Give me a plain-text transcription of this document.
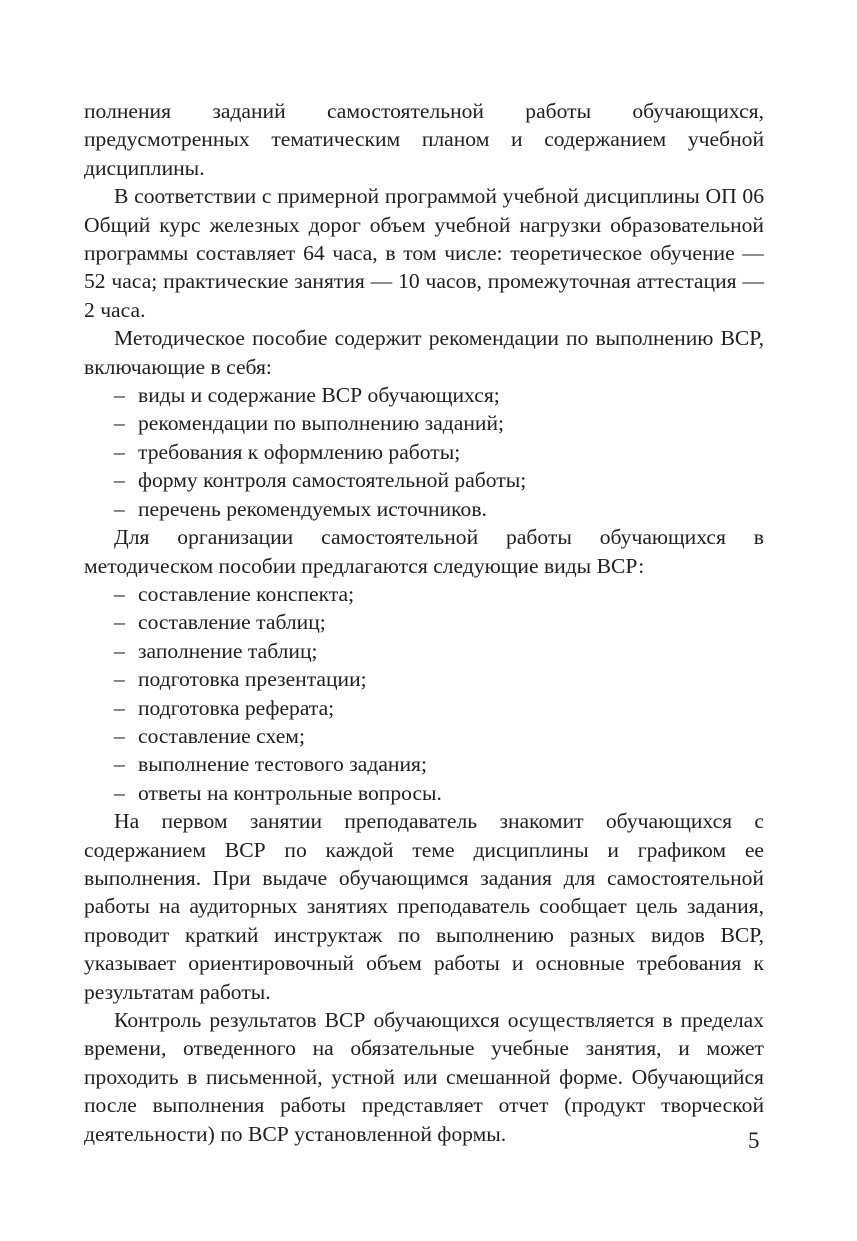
полнения заданий самостоятельной работы обучающихся, предусмотренных тематическим планом и содержанием учебной дисциплины.

В соответствии с примерной программой учебной дисциплины ОП 06 Общий курс железных дорог объем учебной нагрузки образовательной программы составляет 64 часа, в том числе: теоретическое обучение — 52 часа; практические занятия — 10 часов, промежуточная аттестация — 2 часа.

Методическое пособие содержит рекомендации по выполнению ВСР, включающие в себя:

– виды и содержание ВСР обучающихся;
– рекомендации по выполнению заданий;
– требования к оформлению работы;
– форму контроля самостоятельной работы;
– перечень рекомендуемых источников.

Для организации самостоятельной работы обучающихся в методическом пособии предлагаются следующие виды ВСР:

– составление конспекта;
– составление таблиц;
– заполнение таблиц;
– подготовка презентации;
– подготовка реферата;
– составление схем;
– выполнение тестового задания;
– ответы на контрольные вопросы.

На первом занятии преподаватель знакомит обучающихся с содержанием ВСР по каждой теме дисциплины и графиком ее выполнения. При выдаче обучающимся задания для самостоятельной работы на аудиторных занятиях преподаватель сообщает цель задания, проводит краткий инструктаж по выполнению разных видов ВСР, указывает ориентировочный объем работы и основные требования к результатам работы.

Контроль результатов ВСР обучающихся осуществляется в пределах времени, отведенного на обязательные учебные занятия, и может проходить в письменной, устной или смешанной форме. Обучающийся после выполнения работы представляет отчет (продукт творческой деятельности) по ВСР установленной формы.	5
